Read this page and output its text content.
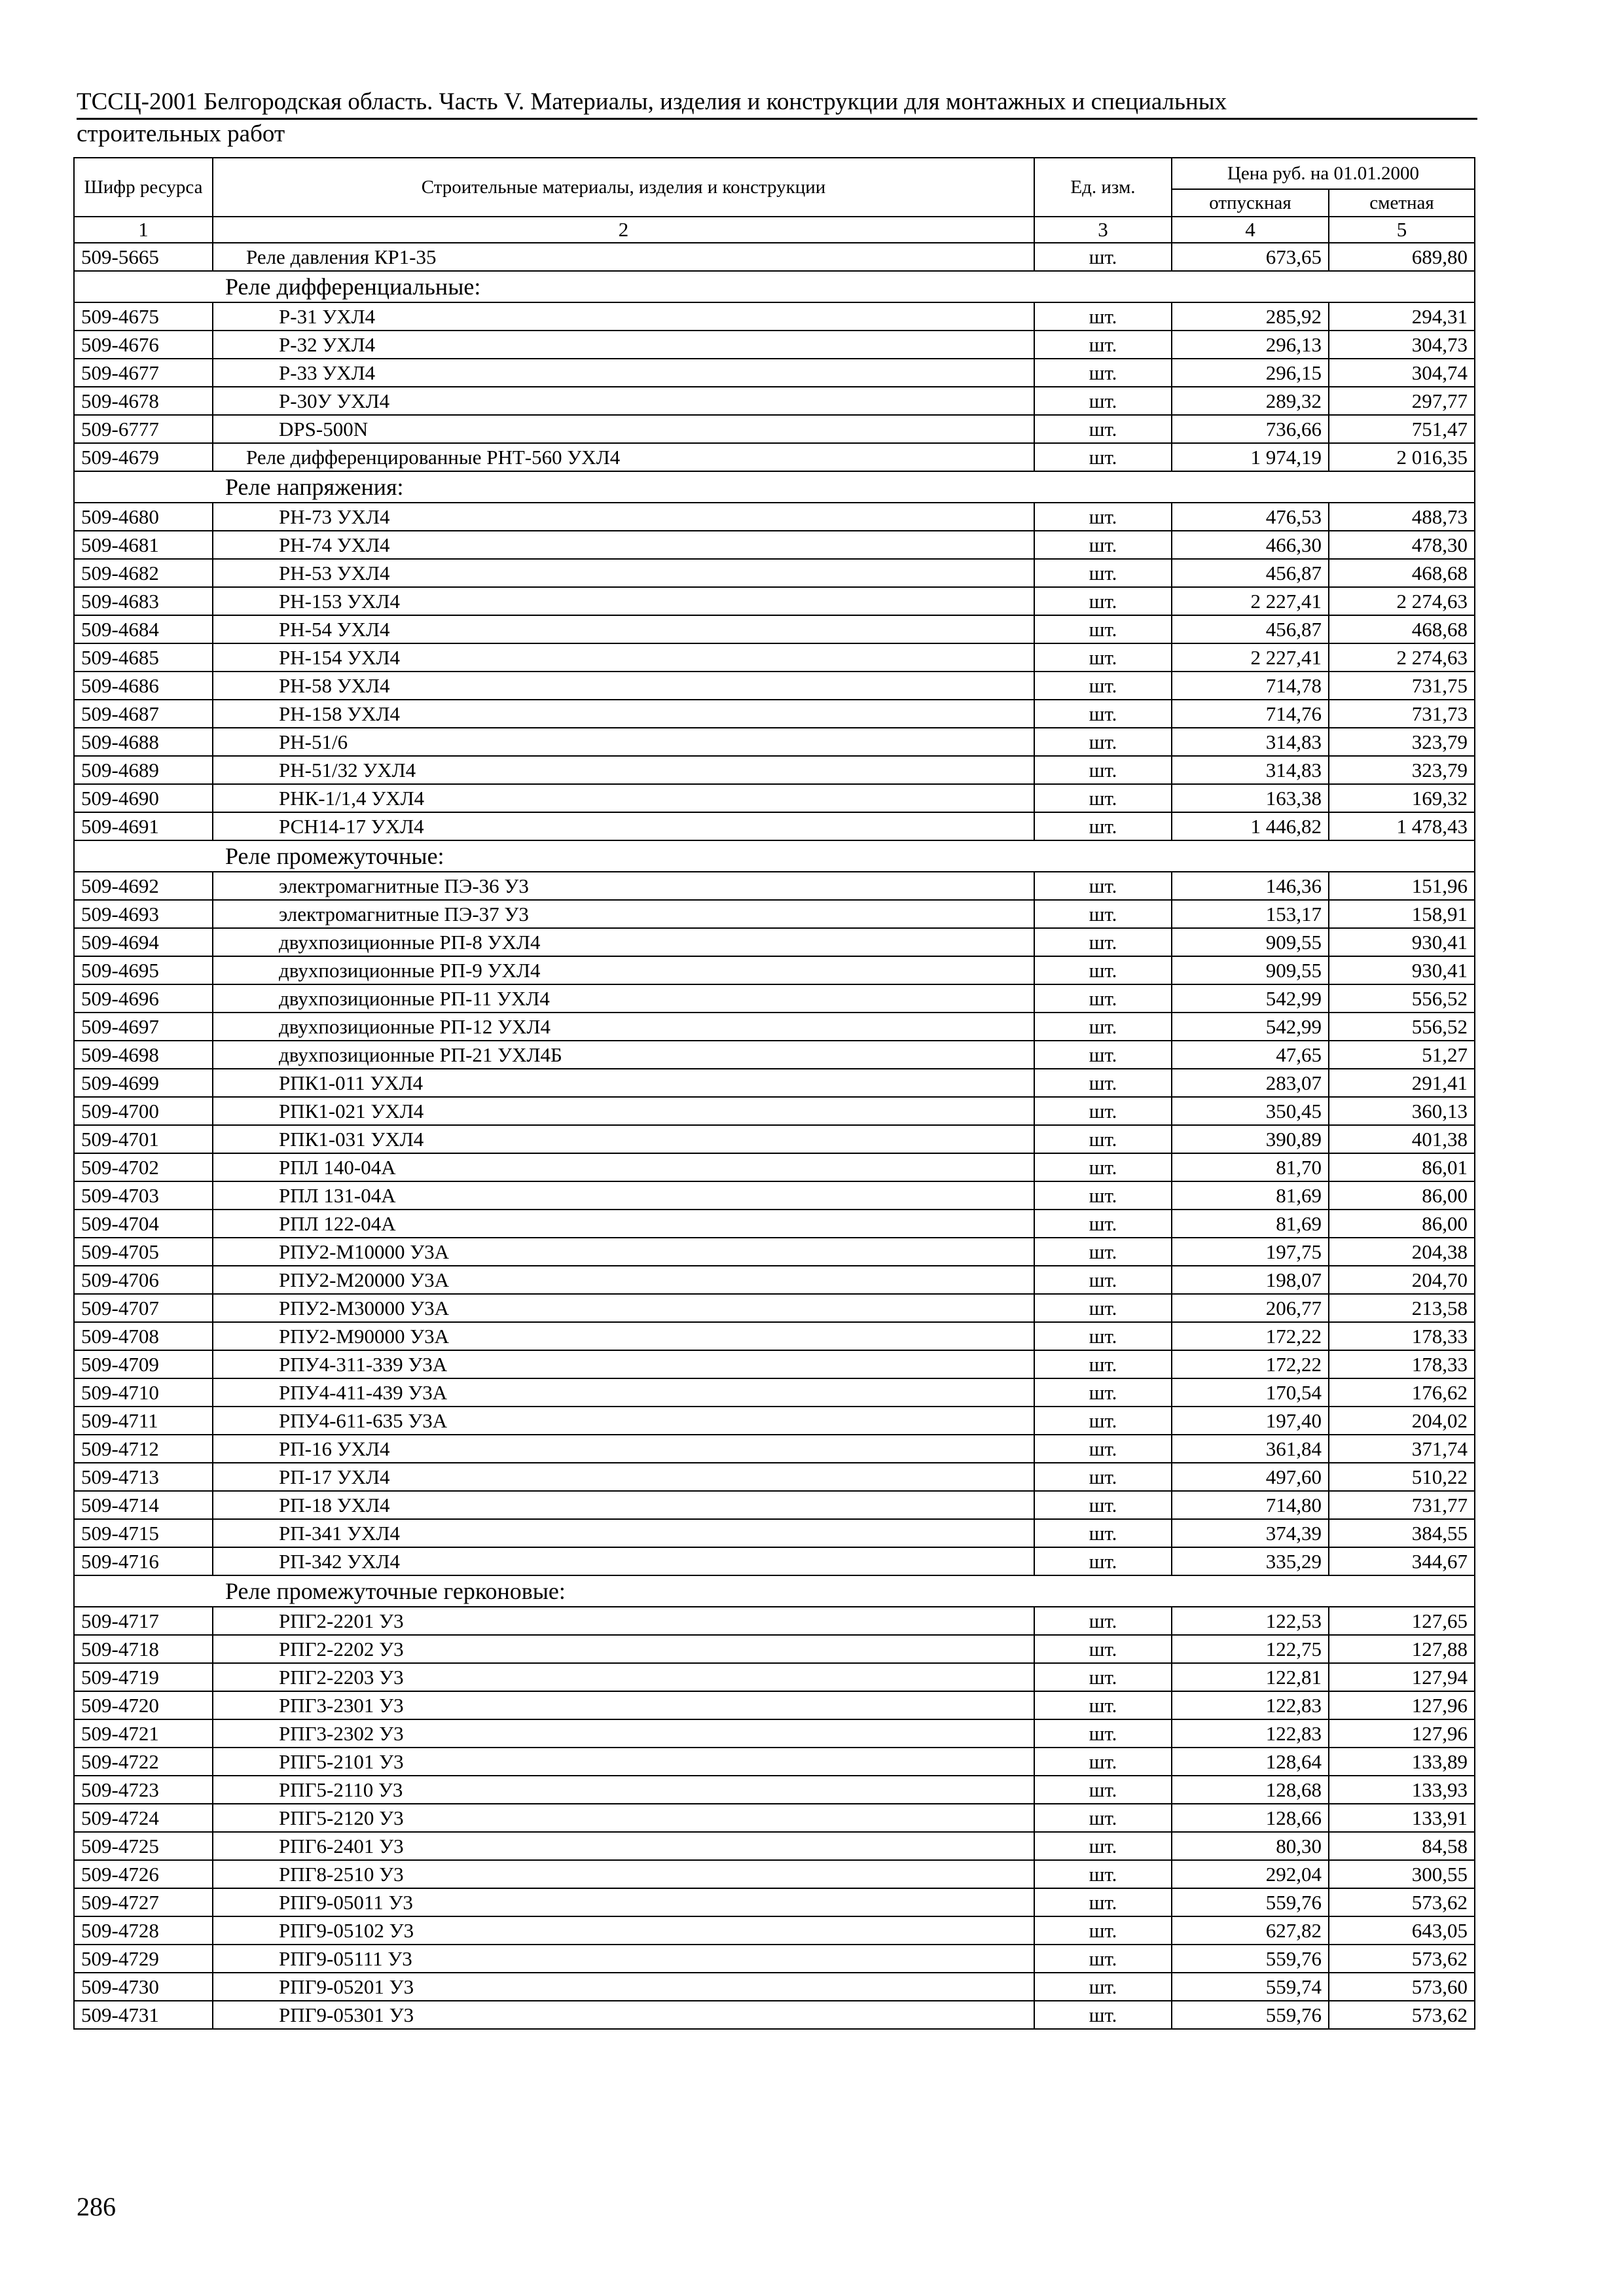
ТССЦ-2001 Белгородская область. Часть V. Материалы, изделия и конструкции для монтажных и специальных
строительных работ
Шифр ресурса	Строительные материалы, изделия и конструкции	Ед. изм.	Цена руб. на 01.01.2000	
			отпускная	сметная
1	2	3	4	5
509-5665	Реле давления КР1-35	шт.	673,65	689,80
Реле дифференциальные:				
509-4675	Р-31 УХЛ4	шт.	285,92	294,31
509-4676	Р-32 УХЛ4	шт.	296,13	304,73
509-4677	Р-33 УХЛ4	шт.	296,15	304,74
509-4678	Р-30У УХЛ4	шт.	289,32	297,77
509-6777	DPS-500N	шт.	736,66	751,47
509-4679	Реле дифференцированные РНТ-560 УХЛ4	шт.	1 974,19	2 016,35
Реле напряжения:				
509-4680	РН-73 УХЛ4	шт.	476,53	488,73
509-4681	РН-74 УХЛ4	шт.	466,30	478,30
509-4682	РН-53 УХЛ4	шт.	456,87	468,68
509-4683	РН-153 УХЛ4	шт.	2 227,41	2 274,63
509-4684	РН-54 УХЛ4	шт.	456,87	468,68
509-4685	РН-154 УХЛ4	шт.	2 227,41	2 274,63
509-4686	РН-58 УХЛ4	шт.	714,78	731,75
509-4687	РН-158 УХЛ4	шт.	714,76	731,73
509-4688	РН-51/6	шт.	314,83	323,79
509-4689	РН-51/32 УХЛ4	шт.	314,83	323,79
509-4690	РНК-1/1,4 УХЛ4	шт.	163,38	169,32
509-4691	РСН14-17 УХЛ4	шт.	1 446,82	1 478,43
Реле промежуточные:				
509-4692	электромагнитные ПЭ-36 У3	шт.	146,36	151,96
509-4693	электромагнитные ПЭ-37 У3	шт.	153,17	158,91
509-4694	двухпозиционные РП-8 УХЛ4	шт.	909,55	930,41
509-4695	двухпозиционные РП-9 УХЛ4	шт.	909,55	930,41
509-4696	двухпозиционные РП-11 УХЛ4	шт.	542,99	556,52
509-4697	двухпозиционные РП-12 УХЛ4	шт.	542,99	556,52
509-4698	двухпозиционные РП-21 УХЛ4Б	шт.	47,65	51,27
509-4699	РПК1-011 УХЛ4	шт.	283,07	291,41
509-4700	РПК1-021 УХЛ4	шт.	350,45	360,13
509-4701	РПК1-031 УХЛ4	шт.	390,89	401,38
509-4702	РПЛ 140-04А	шт.	81,70	86,01
509-4703	РПЛ 131-04А	шт.	81,69	86,00
509-4704	РПЛ 122-04А	шт.	81,69	86,00
509-4705	РПУ2-М10000 У3А	шт.	197,75	204,38
509-4706	РПУ2-М20000 У3А	шт.	198,07	204,70
509-4707	РПУ2-М30000 У3А	шт.	206,77	213,58
509-4708	РПУ2-М90000 У3А	шт.	172,22	178,33
509-4709	РПУ4-311-339 У3А	шт.	172,22	178,33
509-4710	РПУ4-411-439 У3А	шт.	170,54	176,62
509-4711	РПУ4-611-635 У3А	шт.	197,40	204,02
509-4712	РП-16 УХЛ4	шт.	361,84	371,74
509-4713	РП-17 УХЛ4	шт.	497,60	510,22
509-4714	РП-18 УХЛ4	шт.	714,80	731,77
509-4715	РП-341 УХЛ4	шт.	374,39	384,55
509-4716	РП-342 УХЛ4	шт.	335,29	344,67
Реле промежуточные герконовые:				
509-4717	РПГ2-2201 У3	шт.	122,53	127,65
509-4718	РПГ2-2202 У3	шт.	122,75	127,88
509-4719	РПГ2-2203 У3	шт.	122,81	127,94
509-4720	РПГ3-2301 У3	шт.	122,83	127,96
509-4721	РПГ3-2302 У3	шт.	122,83	127,96
509-4722	РПГ5-2101 У3	шт.	128,64	133,89
509-4723	РПГ5-2110 У3	шт.	128,68	133,93
509-4724	РПГ5-2120 У3	шт.	128,66	133,91
509-4725	РПГ6-2401 У3	шт.	80,30	84,58
509-4726	РПГ8-2510 У3	шт.	292,04	300,55
509-4727	РПГ9-05011 У3	шт.	559,76	573,62
509-4728	РПГ9-05102 У3	шт.	627,82	643,05
509-4729	РПГ9-05111 У3	шт.	559,76	573,62
509-4730	РПГ9-05201 У3	шт.	559,74	573,60
509-4731	РПГ9-05301 У3	шт.	559,76	573,62
286
